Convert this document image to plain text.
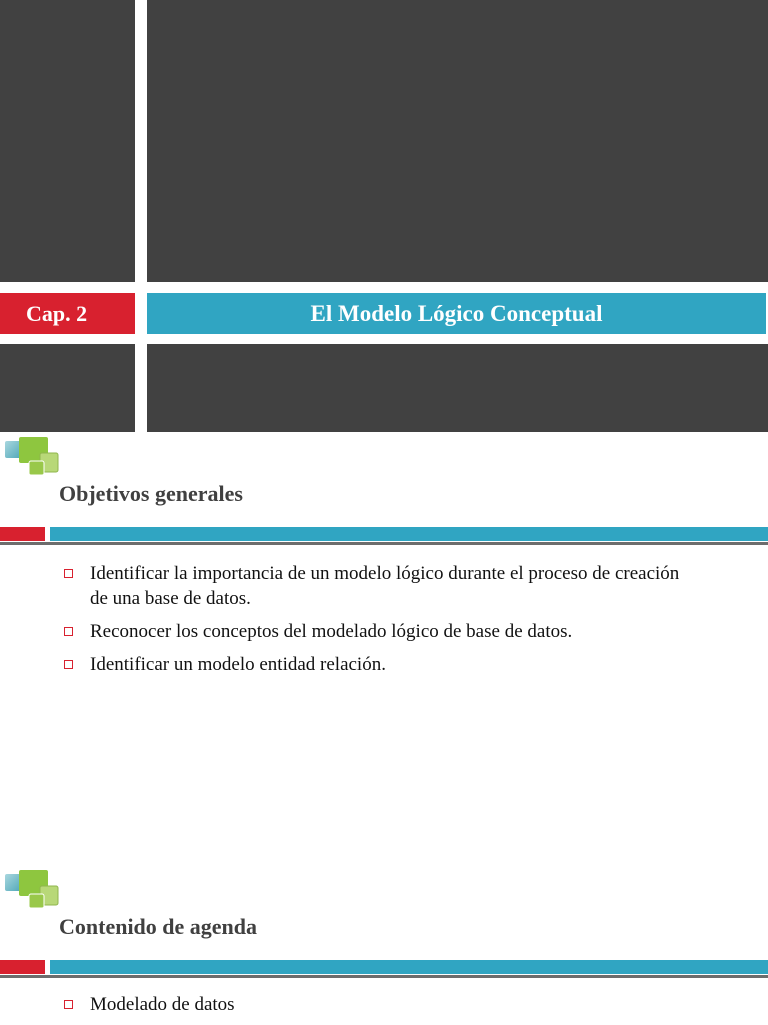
Cap. 2	El Modelo Lógico Conceptual
Objetivos generales
Identificar la importancia de un modelo lógico durante el proceso de creación de una base de datos.
Reconocer los conceptos del modelado lógico de base de datos.
Identificar un modelo entidad relación.
Contenido de agenda
Modelado de datos
